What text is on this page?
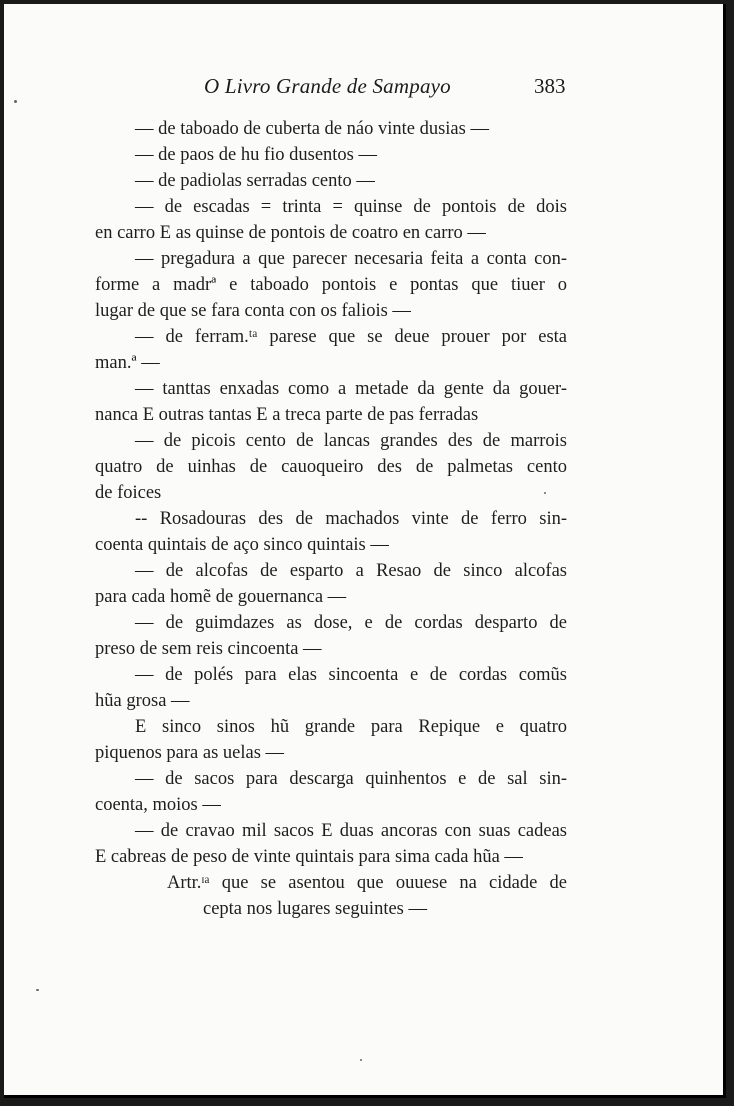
O Livro Grande de Sampayo	383
— de taboado de cuberta de náo vinte dusias —
— de paos de hu fio dusentos —
— de padiolas serradas cento —
— de escadas = trinta = quinse de pontois de dois
en carro E as quinse de pontois de coatro en carro —
— pregadura a que parecer necesaria feita a conta con-
forme a madrª e taboado pontois e pontas que tiuer o
lugar de que se fara conta con os faliois —
— de ferram.ᵗᵃ parese que se deue prouer por esta
man.ª —
— tanttas enxadas como a metade da gente da gouer-
nanca E outras tantas E a treca parte de pas ferradas
— de picois cento de lancas grandes des de marrois
quatro de uinhas de cauoqueiro des de palmetas cento
de foices
-- Rosadouras des de machados vinte de ferro sin-
coenta quintais de aço sinco quintais —
— de alcofas de esparto a Resao de sinco alcofas
para cada homẽ de gouernanca —
— de guimdazes as dose, e de cordas desparto de
preso de sem reis cincoenta —
— de polés para elas sincoenta e de cordas comũs
hũa grosa —
E sinco sinos hũ grande para Repique e quatro
piquenos para as uelas —
— de sacos para descarga quinhentos e de sal sin-
coenta, moios —
— de cravao mil sacos E duas ancoras con suas cadeas
E cabreas de peso de vinte quintais para sima cada hũa —
Artr.ᶦᵃ que se asentou que ouuese na cidade de
cepta nos lugares seguintes —
